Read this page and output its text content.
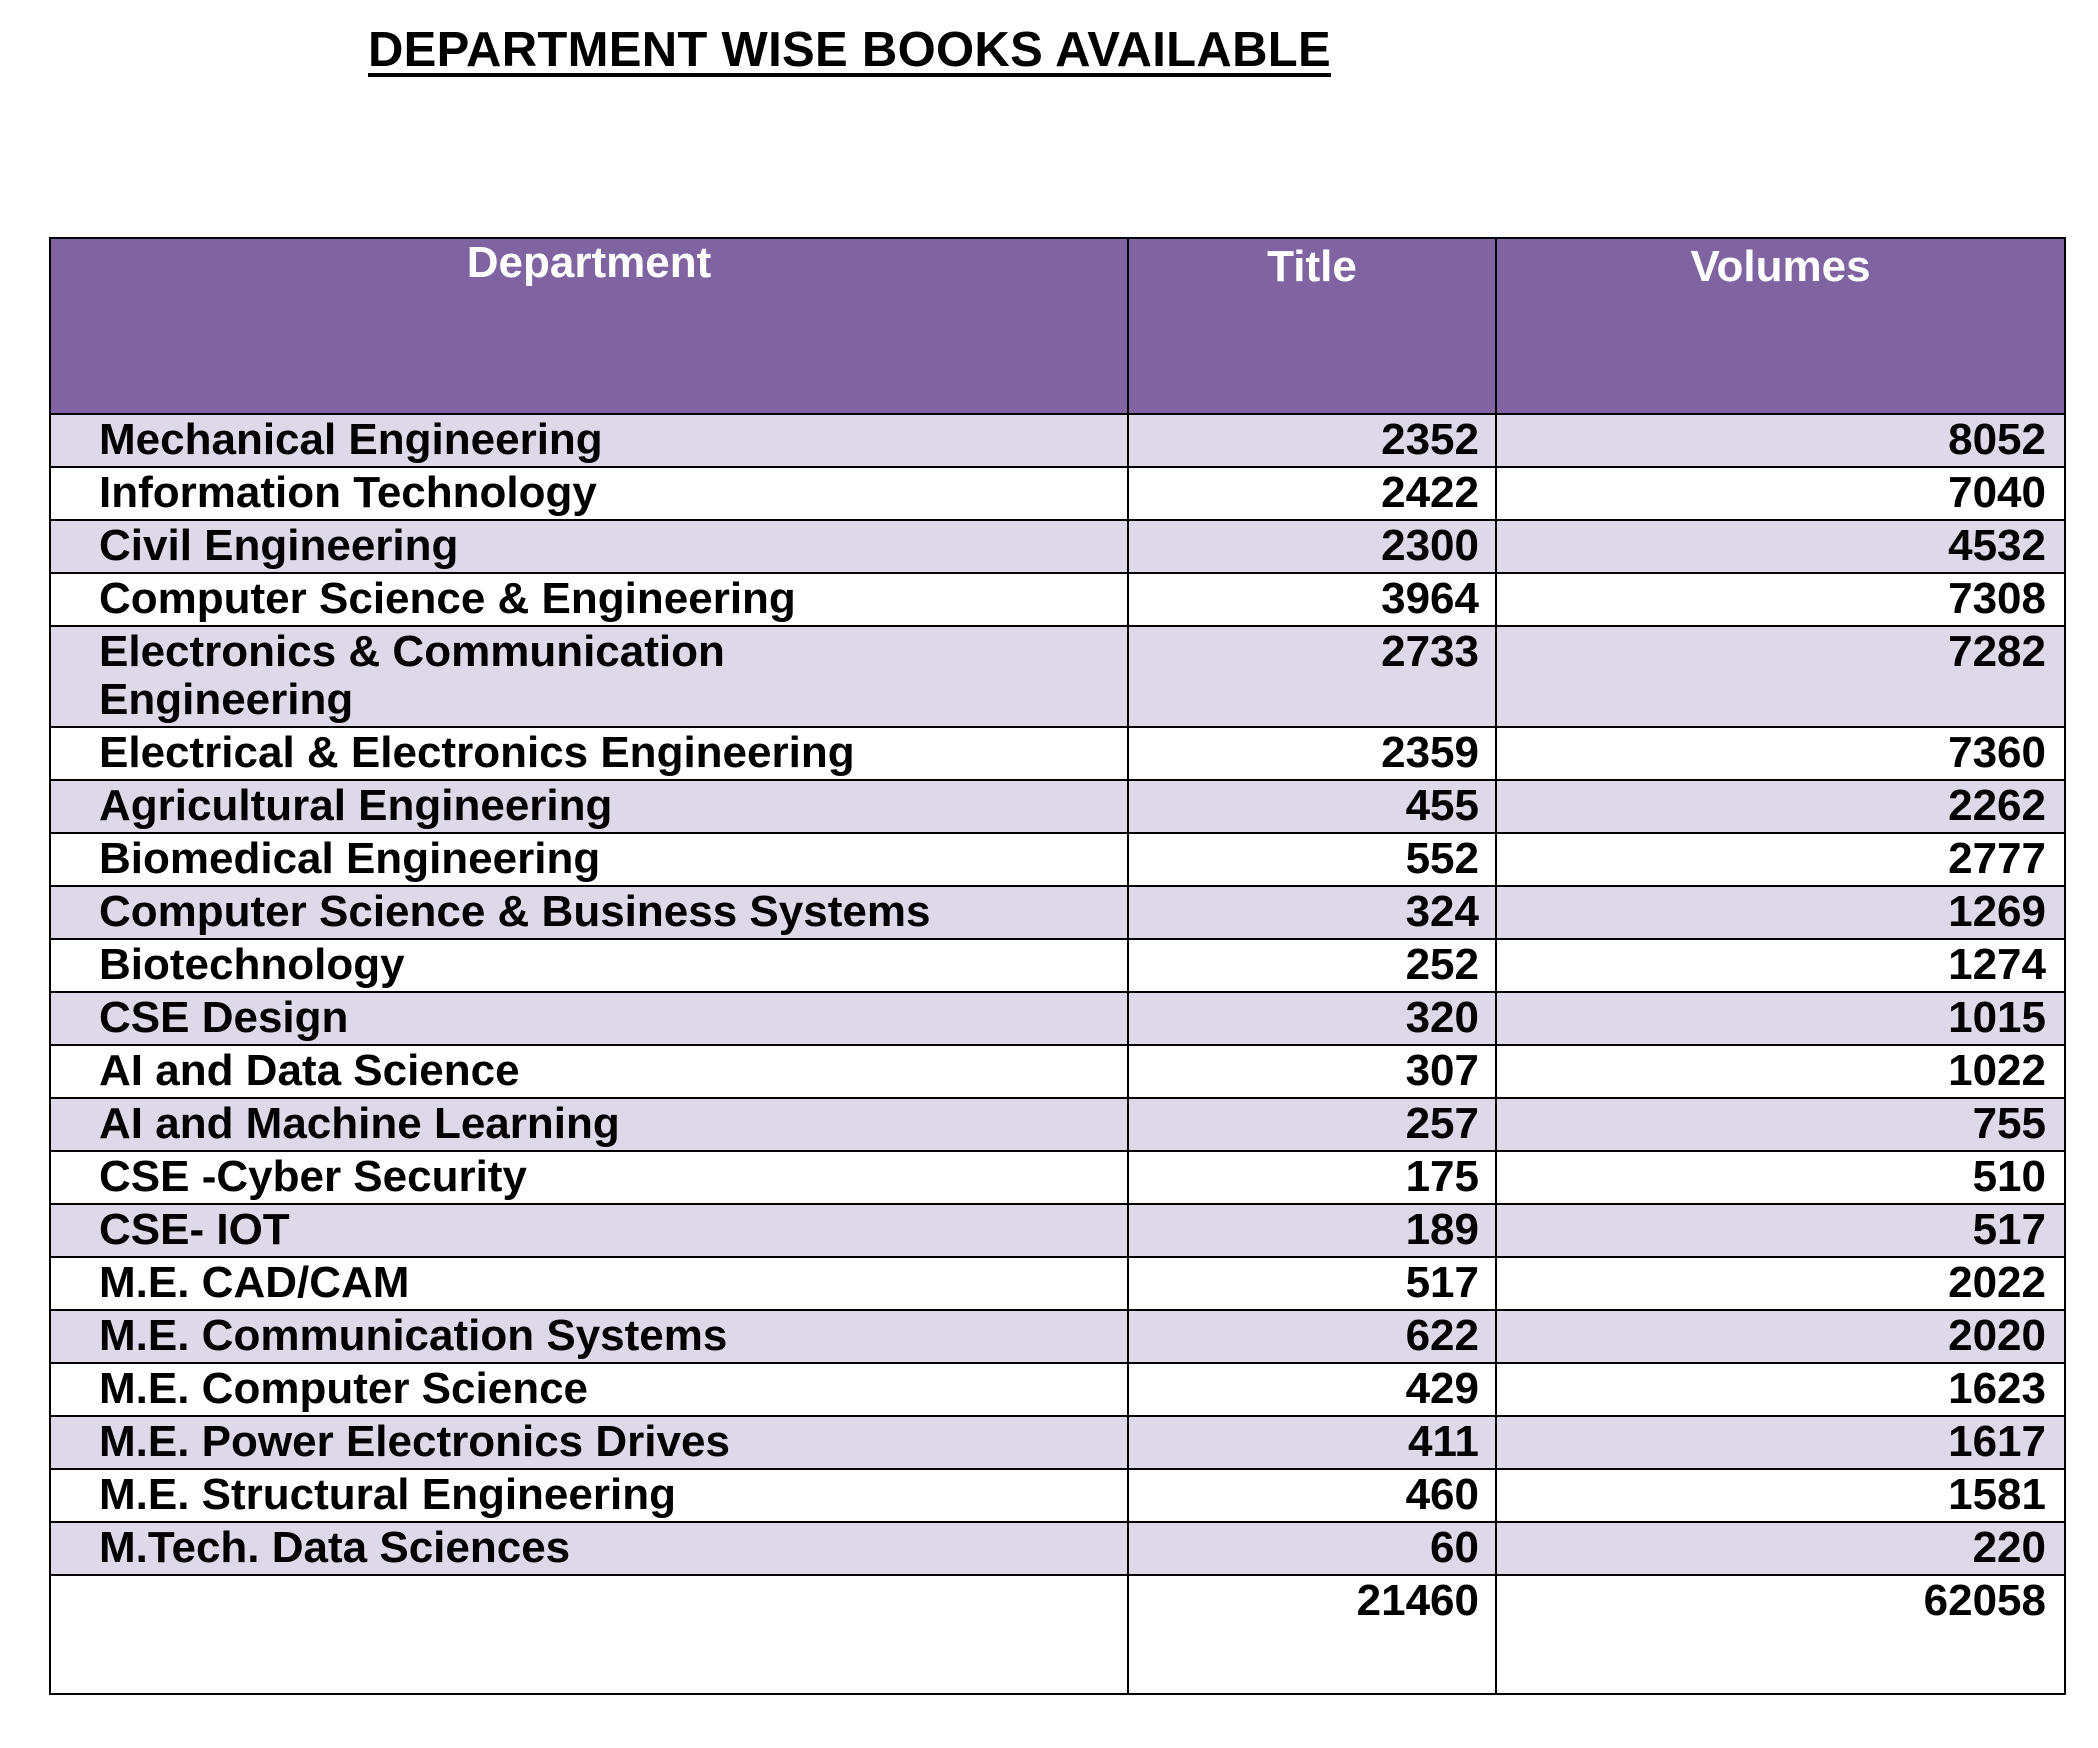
DEPARTMENT WISE BOOKS AVAILABLE
Department	Title	Volumes
Mechanical Engineering	2352	8052
Information Technology	2422	7040
Civil Engineering	2300	4532
Computer Science & Engineering	3964	7308

Electronics & Communication
Engineering	2733	7282
Electrical & Electronics Engineering	2359	7360
Agricultural Engineering	455	2262
Biomedical Engineering	552	2777
Computer Science & Business Systems	324	1269
Biotechnology	252	1274
CSE Design	320	1015
AI and Data Science	307	1022
AI and Machine Learning	257	755
CSE -Cyber Security	175	510
CSE- IOT	189	517
M.E. CAD/CAM	517	2022
M.E. Communication Systems	622	2020
M.E. Computer Science	429	1623
M.E. Power Electronics Drives	411	1617
M.E. Structural Engineering	460	1581
M.Tech. Data Sciences	60	220
	21460	62058
